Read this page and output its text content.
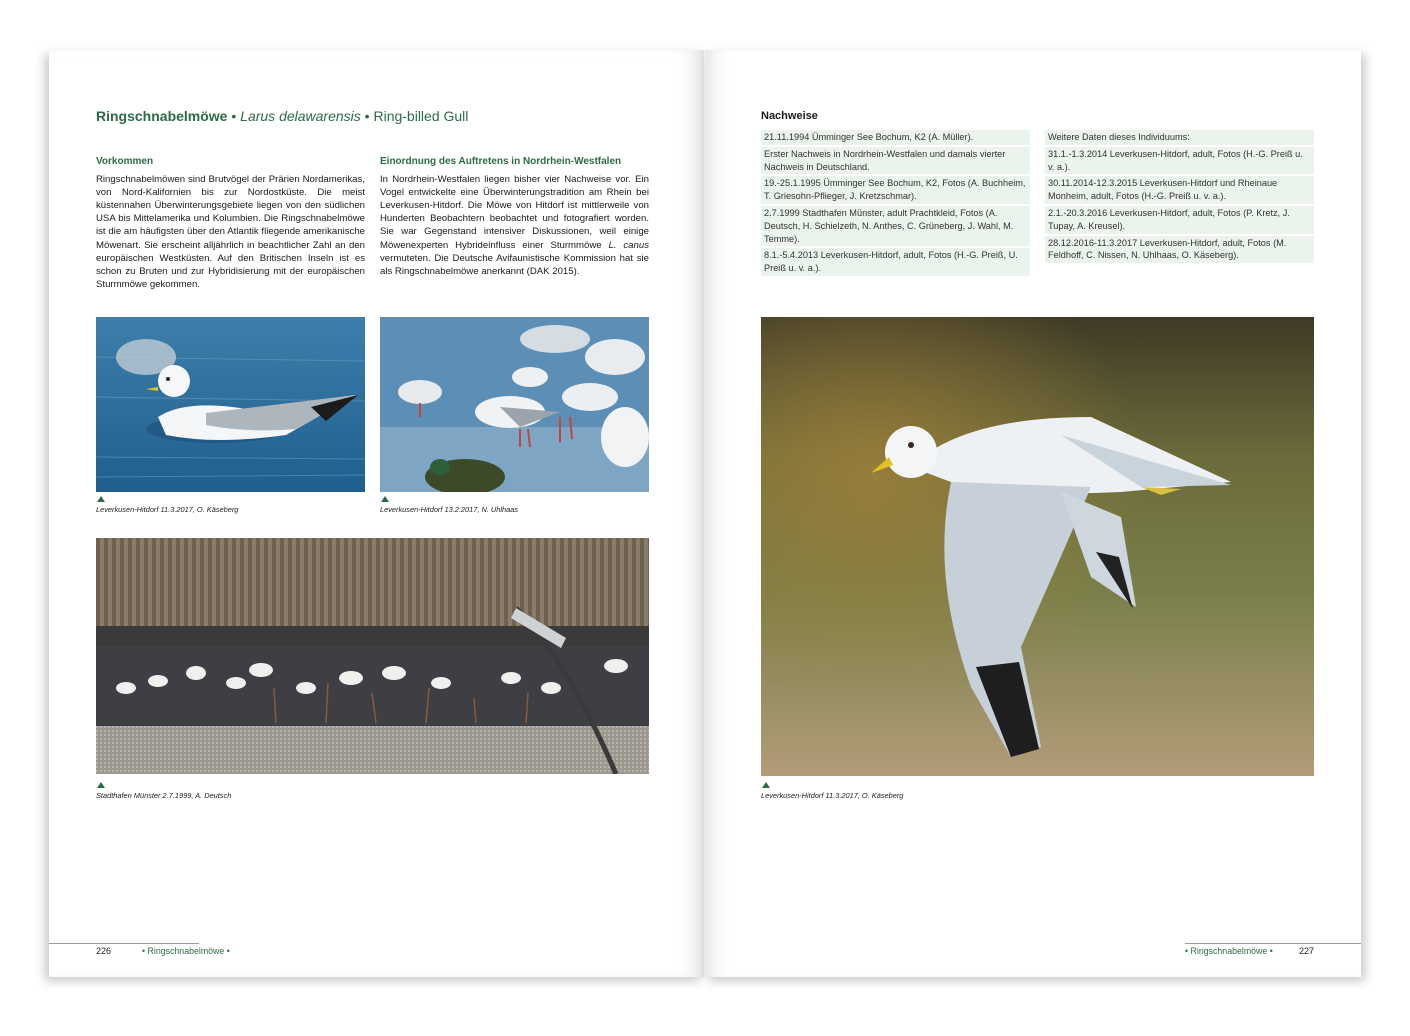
Ringschnabelmöwe • Larus delawarensis • Ring-billed Gull
Vorkommen

Ringschnabelmöwen sind Brutvögel der Prärien Nordamerikas, von Nord-Kalifornien bis zur Nordostküste. Die meist küstennahen Überwinterungsgebiete liegen von den südlichen USA bis Mittelamerika und Kolumbien. Die Ringschnabelmöwe ist die am häufigsten über den Atlantik fliegende amerikanische Möwenart. Sie erscheint alljährlich in beachtlicher Zahl an den europäischen Westküsten. Auf den Britischen Inseln ist es schon zu Bruten und zur Hybridisierung mit der europäischen Sturmmöwe gekommen.

Einordnung des Auftretens in Nordrhein-Westfalen

In Nordrhein-Westfalen liegen bisher vier Nachweise vor. Ein Vogel entwickelte eine Überwinterungstradition am Rhein bei Leverkusen-Hitdorf. Die Möwe von Hitdorf ist mittlerweile von Hunderten Beobachtern beobachtet und fotografiert worden. Sie war Gegenstand intensiver Diskussionen, weil einige Möwenexperten Hybrideinfluss einer Sturmmöwe L. canus vermuteten. Die Deutsche Avifaunistische Kommission hat sie als Ringschnabelmöwe anerkannt (DAK 2015).

Leverkusen-Hitdorf 11.3.2017, O. Käseberg	Leverkusen-Hitdorf 13.2.2017, N. Uhlhaas
Stadthafen Münster 2.7.1999, A. Deutsch
226	• Ringschnabelmöwe •
Nachweise
21.11.1994 Ümminger See Bochum, K2 (A. Müller).
Erster Nachweis in Nordrhein-Westfalen und damals vierter Nachweis in Deutschland.
19.-25.1.1995 Ümminger See Bochum, K2, Fotos (A. Buchheim, T. Griesohn-Pflieger, J. Kretzschmar).
2.7.1999 Stadthafen Münster, adult Prachtkleid, Fotos (A. Deutsch, H. Schielzeth, N. Anthes, C. Grüneberg, J. Wahl, M. Temme).
8.1.-5.4.2013 Leverkusen-Hitdorf, adult, Fotos (H.-G. Preiß, U. Preiß u. v. a.).
Weitere Daten dieses Individuums:
31.1.-1.3.2014 Leverkusen-Hitdorf, adult, Fotos (H.-G. Preiß u. v. a.).
30.11.2014-12.3.2015 Leverkusen-Hitdorf und Rheinaue Monheim, adult, Fotos (H.-G. Preiß u. v. a.).
2.1.-20.3.2016 Leverkusen-Hitdorf, adult, Fotos (P. Kretz, J. Tupay, A. Kreusel).
28.12.2016-11.3.2017 Leverkusen-Hitdorf, adult, Fotos (M. Feldhoff, C. Nissen, N. Uhlhaas, O. Käseberg).
Leverkusen-Hitdorf 11.3.2017, O. Käseberg
• Ringschnabelmöwe •	227
